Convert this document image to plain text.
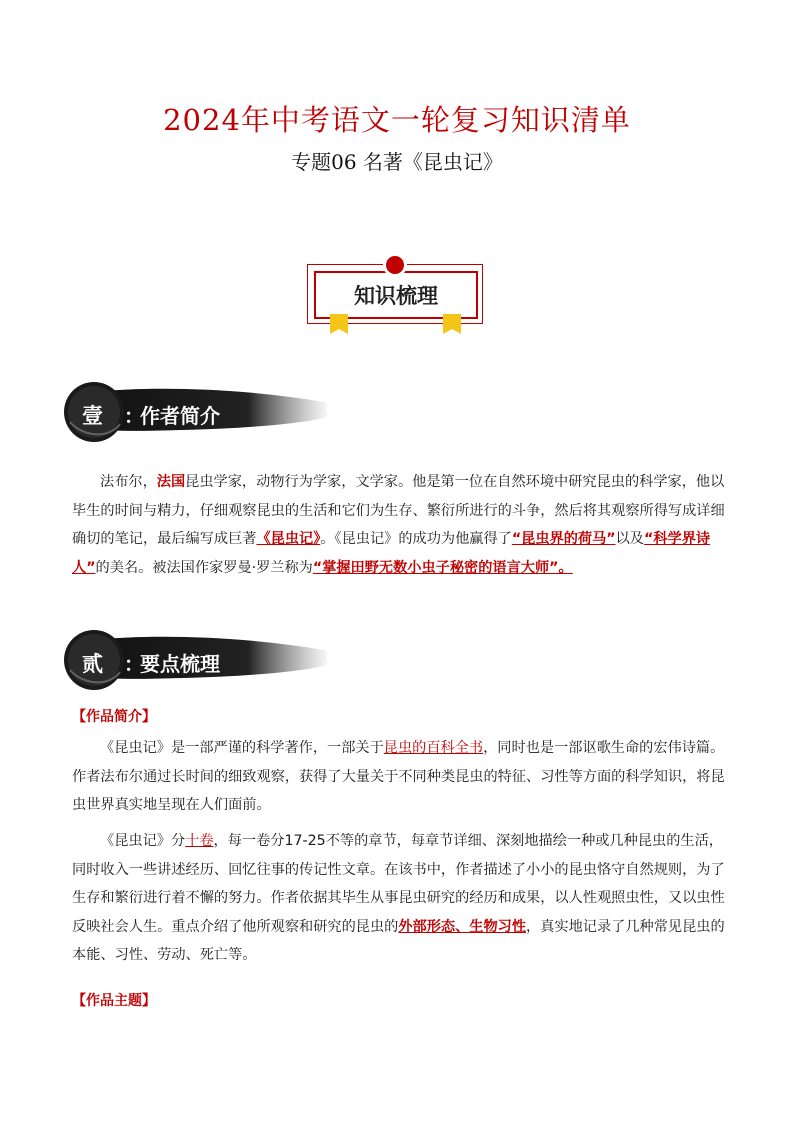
2024年中考语文一轮复习知识清单
专题06 名著《昆虫记》
知识梳理
壹 ：
作者简介

法布尔，法国昆虫学家，动物行为学家，文学家。他是第一位在自然环境中研究昆虫的科学家，他以毕生的时间与精力，仔细观察昆虫的生活和它们为生存、繁衍所进行的斗争，然后将其观察所得写成详细确切的笔记，最后编写成巨著《昆虫记》。《昆虫记》的成功为他赢得了“昆虫界的荷马”以及“科学界诗人”的美名。被法国作家罗曼·罗兰称为“掌握田野无数小虫子秘密的语言大师”。

贰 ：
要点梳理
【作品简介】

《昆虫记》是一部严谨的科学著作，一部关于昆虫的百科全书，同时也是一部讴歌生命的宏伟诗篇。作者法布尔通过长时间的细致观察，获得了大量关于不同种类昆虫的特征、习性等方面的科学知识，将昆虫世界真实地呈现在人们面前。

《昆虫记》分十卷，每一卷分17-25不等的章节，每章节详细、深刻地描绘一种或几种昆虫的生活，同时收入一些讲述经历、回忆往事的传记性文章。在该书中，作者描述了小小的昆虫恪守自然规则，为了生存和繁衍进行着不懈的努力。作者依据其毕生从事昆虫研究的经历和成果，以人性观照虫性，又以虫性反映社会人生。重点介绍了他所观察和研究的昆虫的外部形态、生物习性，真实地记录了几种常见昆虫的本能、习性、劳动、死亡等。

【作品主题】
